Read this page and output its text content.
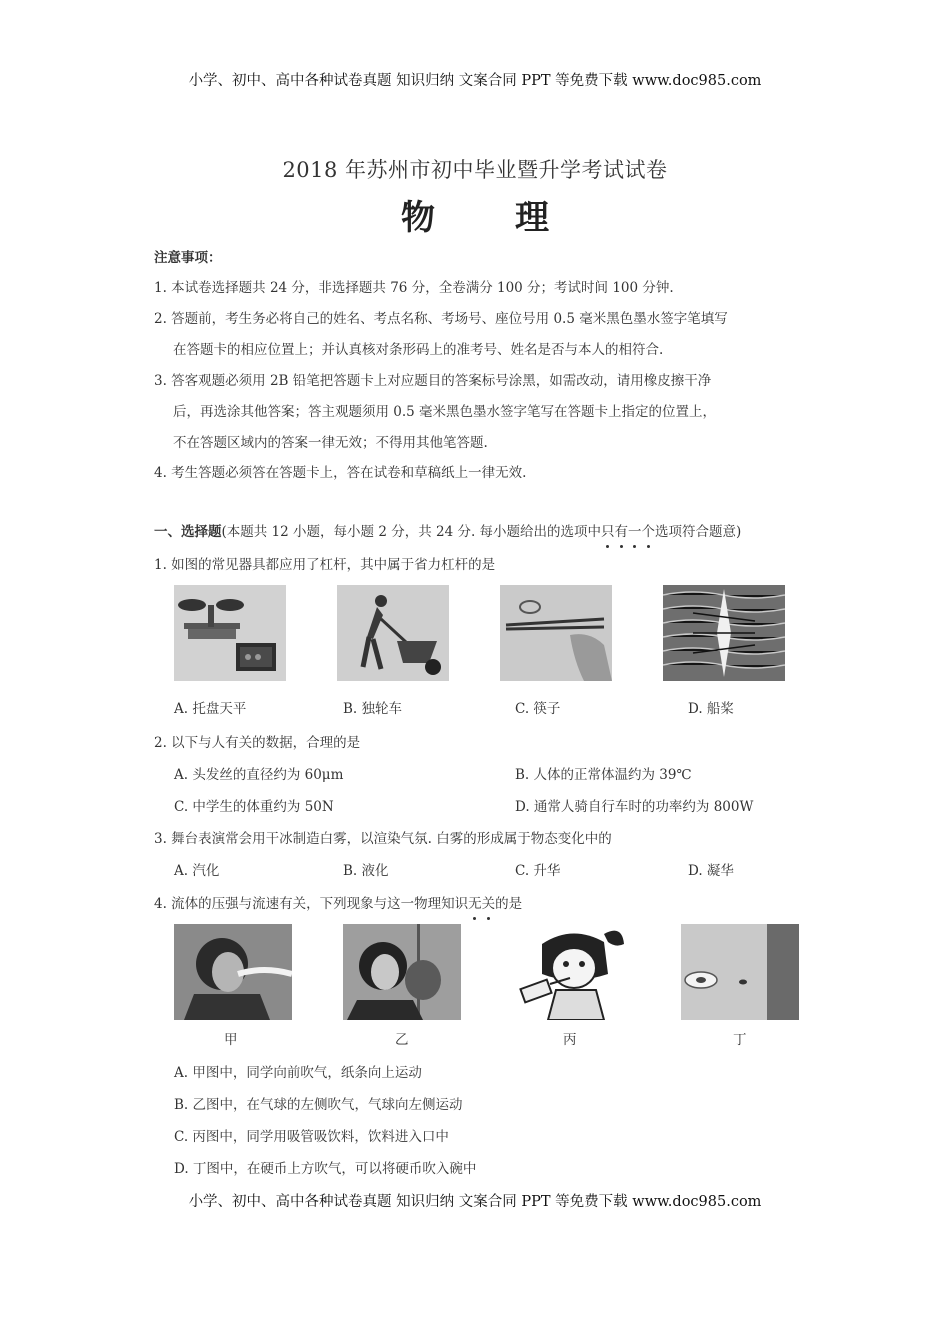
小学、初中、高中各种试卷真题 知识归纳 文案合同 PPT 等免费下载 www.doc985.com
小学、初中、高中各种试卷真题 知识归纳 文案合同 PPT 等免费下载 www.doc985.com
2018 年苏州市初中毕业暨升学考试试卷
物 理
注意事项：
1. 本试卷选择题共 24 分，非选择题共 76 分，全卷满分 100 分；考试时间 100 分钟.
2. 答题前，考生务必将自己的姓名、考点名称、考场号、座位号用 0.5 毫米黑色墨水签字笔填写
在答题卡的相应位置上；并认真核对条形码上的准考号、姓名是否与本人的相符合.
3. 答客观题必须用 2B 铅笔把答题卡上对应题目的答案标号涂黑，如需改动，请用橡皮擦干净
后，再选涂其他答案；答主观题须用 0.5 毫米黑色墨水签字笔写在答题卡上指定的位置上，
不在答题区域内的答案一律无效；不得用其他笔答题.
4. 考生答题必须答在答题卡上，答在试卷和草稿纸上一律无效.
一、选择题(本题共 12 小题，每小题 2 分，共 24 分. 每小题给出的选项中只
有
一
个
选项符合题意)
1. 如图的常见器具都应用了杠杆，其中属于省力杠杆的是
A. 托盘天平	B. 独轮车	C. 筷子	D. 船桨
2. 以下与人有关的数据，合理的是
A. 头发丝的直径约为 60μm	B. 人体的正常体温约为 39℃
C. 中学生的体重约为 50N	D. 通常人骑自行车时的功率约为 800W
3. 舞台表演常会用干冰制造白雾，以渲染气氛. 白雾的形成属于物态变化中的
A. 汽化	B. 液化	C. 升华	D. 凝华
4. 流体的压强与流速有关，下列现象与这一物理知识无
关
的是
甲	乙	丙	丁
A. 甲图中，同学向前吹气，纸条向上运动
B. 乙图中，在气球的左侧吹气，气球向左侧运动
C. 丙图中，同学用吸管吸饮料，饮料进入口中
D. 丁图中，在硬币上方吹气，可以将硬币吹入碗中
